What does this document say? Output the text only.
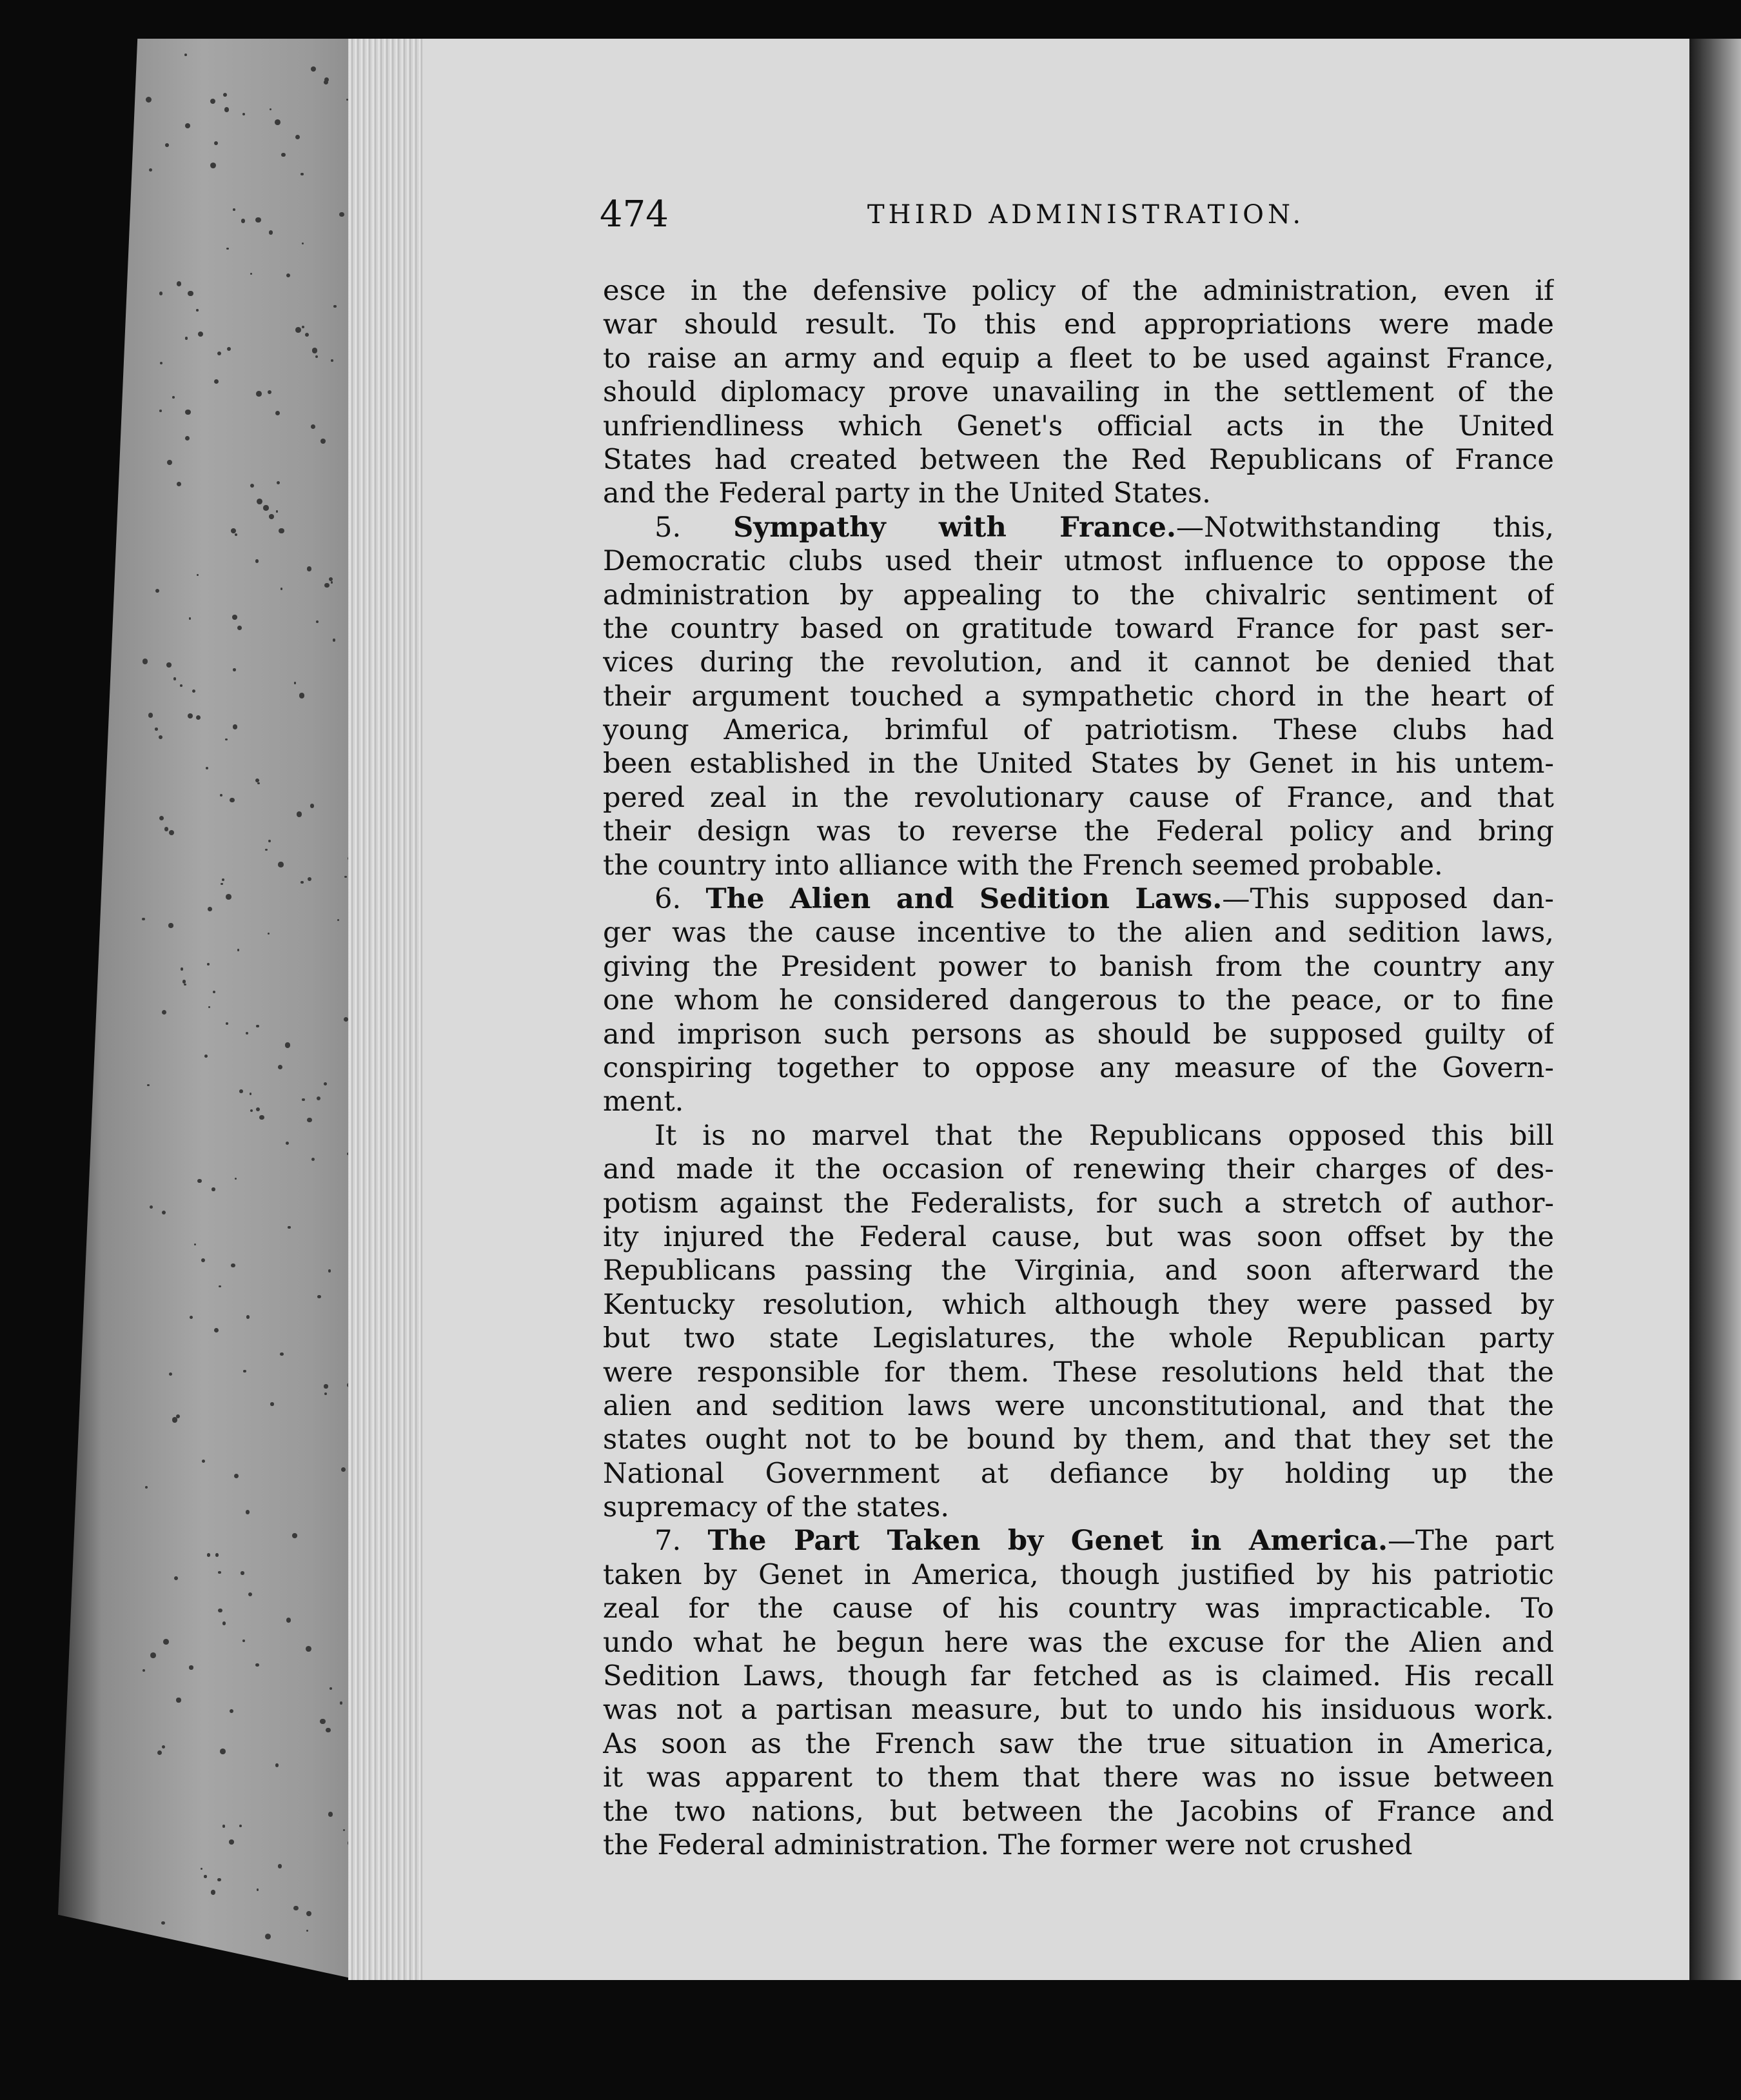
474	THIRD ADMINISTRATION.
esce in the defensive policy of the administration, even if
war should result. To this end appropriations were made
to raise an army and equip a fleet to be used against France,
should diplomacy prove unavailing in the settlement of the
unfriendliness which Genet's official acts in the United
States had created between the Red Republicans of France
and the Federal party in the United States.
5. Sympathy with France.—Notwithstanding this,
Democratic clubs used their utmost influence to oppose the
administration by appealing to the chivalric sentiment of
the country based on gratitude toward France for past ser-
vices during the revolution, and it cannot be denied that
their argument touched a sympathetic chord in the heart of
young America, brimful of patriotism. These clubs had
been established in the United States by Genet in his untem-
pered zeal in the revolutionary cause of France, and that
their design was to reverse the Federal policy and bring
the country into alliance with the French seemed probable.
6. The Alien and Sedition Laws.—This supposed dan-
ger was the cause incentive to the alien and sedition laws,
giving the President power to banish from the country any
one whom he considered dangerous to the peace, or to fine
and imprison such persons as should be supposed guilty of
conspiring together to oppose any measure of the Govern-
ment.
It is no marvel that the Republicans opposed this bill
and made it the occasion of renewing their charges of des-
potism against the Federalists, for such a stretch of author-
ity injured the Federal cause, but was soon offset by the
Republicans passing the Virginia, and soon afterward the
Kentucky resolution, which although they were passed by
but two state Legislatures, the whole Republican party
were responsible for them. These resolutions held that the
alien and sedition laws were unconstitutional, and that the
states ought not to be bound by them, and that they set the
National Government at defiance by holding up the
supremacy of the states.
7. The Part Taken by Genet in America.—The part
taken by Genet in America, though justified by his patriotic
zeal for the cause of his country was impracticable. To
undo what he begun here was the excuse for the Alien and
Sedition Laws, though far fetched as is claimed. His recall
was not a partisan measure, but to undo his insiduous work.
As soon as the French saw the true situation in America,
it was apparent to them that there was no issue between
the two nations, but between the Jacobins of France and
the Federal administration. The former were not crushed
